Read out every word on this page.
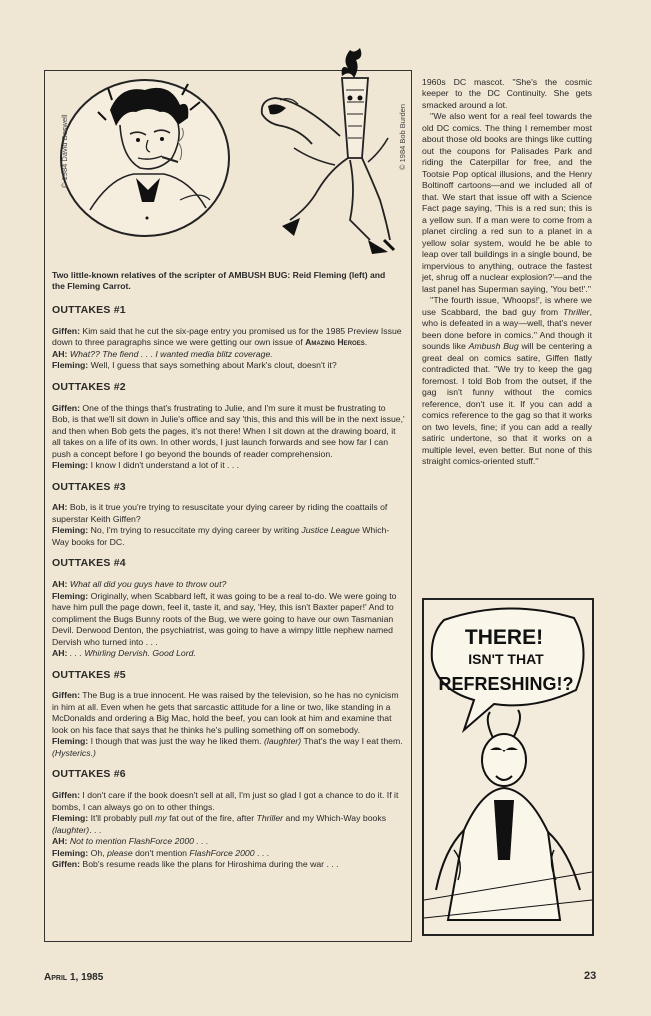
© 1984 David Boswell	© 1984 Bob Burden
Two little-known relatives of the scripter of AMBUSH BUG: Reid Fleming (left) and the Fleming Carrot.
OUTTAKES #1

Giffen: Kim said that he cut the six-page entry you promised us for the 1985 Preview Issue down to three paragraphs since we were getting our own issue of Amazing Heroes.

AH: What?? The fiend . . . I wanted media blitz coverage.

Fleming: Well, I guess that says something about Mark's clout, doesn't it?

OUTTAKES #2

Giffen: One of the things that's frustrating to Julie, and I'm sure it must be frustrating to Bob, is that we'll sit down in Julie's office and say 'this, this and this will be in the next issue,' and then when Bob gets the pages, it's not there! When I sit down at the drawing board, it all takes on a life of its own. In other words, I just launch forwards and see how far I can push a concept before I go beyond the bounds of reader comprehension.

Fleming: I know I didn't understand a lot of it . . .

OUTTAKES #3

AH: Bob, is it true you're trying to resuscitate your dying career by riding the coattails of superstar Keith Giffen?

Fleming: No, I'm trying to resuccitate my dying career by writing Justice League Which-Way books for DC.

OUTTAKES #4

AH: What all did you guys have to throw out?

Fleming: Originally, when Scabbard left, it was going to be a real to-do. We were going to have him pull the page down, feel it, taste it, and say, 'Hey, this isn't Baxter paper!' And to compliment the Bugs Bunny roots of the Bug, we were going to have our own Tasmanian Devil. Derwood Denton, the psychiatrist, was going to have a wimpy little nephew named Dervish who turned into . . .

AH: . . . Whirling Dervish. Good Lord.

OUTTAKES #5

Giffen: The Bug is a true innocent. He was raised by the television, so he has no cynicism in him at all. Even when he gets that sarcastic attitude for a line or two, like standing in a McDonalds and ordering a Big Mac, hold the beef, you can look at him and examine that look on his face that says that he thinks he's pulling something off on somebody.

Fleming: I though that was just the way he liked them. (laughter) That's the way I eat them. (Hysterics.)

OUTTAKES #6

Giffen: I don't care if the book doesn't sell at all, I'm just so glad I got a chance to do it. If it bombs, I can always go on to other things.

Fleming: It'll probably pull my fat out of the fire, after Thriller and my Which-Way books (laughter). . .

AH: Not to mention FlashForce 2000 . . .

Fleming: Oh, please don't mention FlashForce 2000 . . .

Giffen: Bob's resume reads like the plans for Hiroshima during the war . . .

1960s DC mascot. ''She's the cosmic keeper to the DC Continuity. She gets smacked around a lot.

''We also went for a real feel towards the old DC comics. The thing I remember most about those old books are things like cutting out the coupons for Palisades Park and riding the Caterpillar for free, and the Tootsie Pop optical illusions, and the Henry Boltinoff cartoons—and we included all of that. We start that issue off with a Science Fact page saying, 'This is a red sun; this is a yellow sun. If a man were to come from a planet circling a red sun to a planet in a yellow solar system, would he be able to leap over tall buildings in a single bound, be impervious to anything, outrace the fastest jet, shrug off a nuclear explosion?'—and the last panel has Superman saying, 'You bet!'.''

''The fourth issue, 'Whoops!', is where we use Scabbard, the bad guy from Thriller, who is defeated in a way—well, that's never been done before in comics.'' And though it sounds like Ambush Bug will be centering a great deal on comics satire, Giffen flatly contradicted that. ''We try to keep the gag foremost. I told Bob from the outset, if the gag isn't funny without the comics reference, don't use it. If you can add a comics reference to the gag so that it works on two levels, fine; if you can add a really satiric undertone, so that it works on a multiple level, even better. But none of this straight comics-oriented stuff.''

THERE!
ISN'T THAT
REFRESHING!?
April 1, 1985	23
